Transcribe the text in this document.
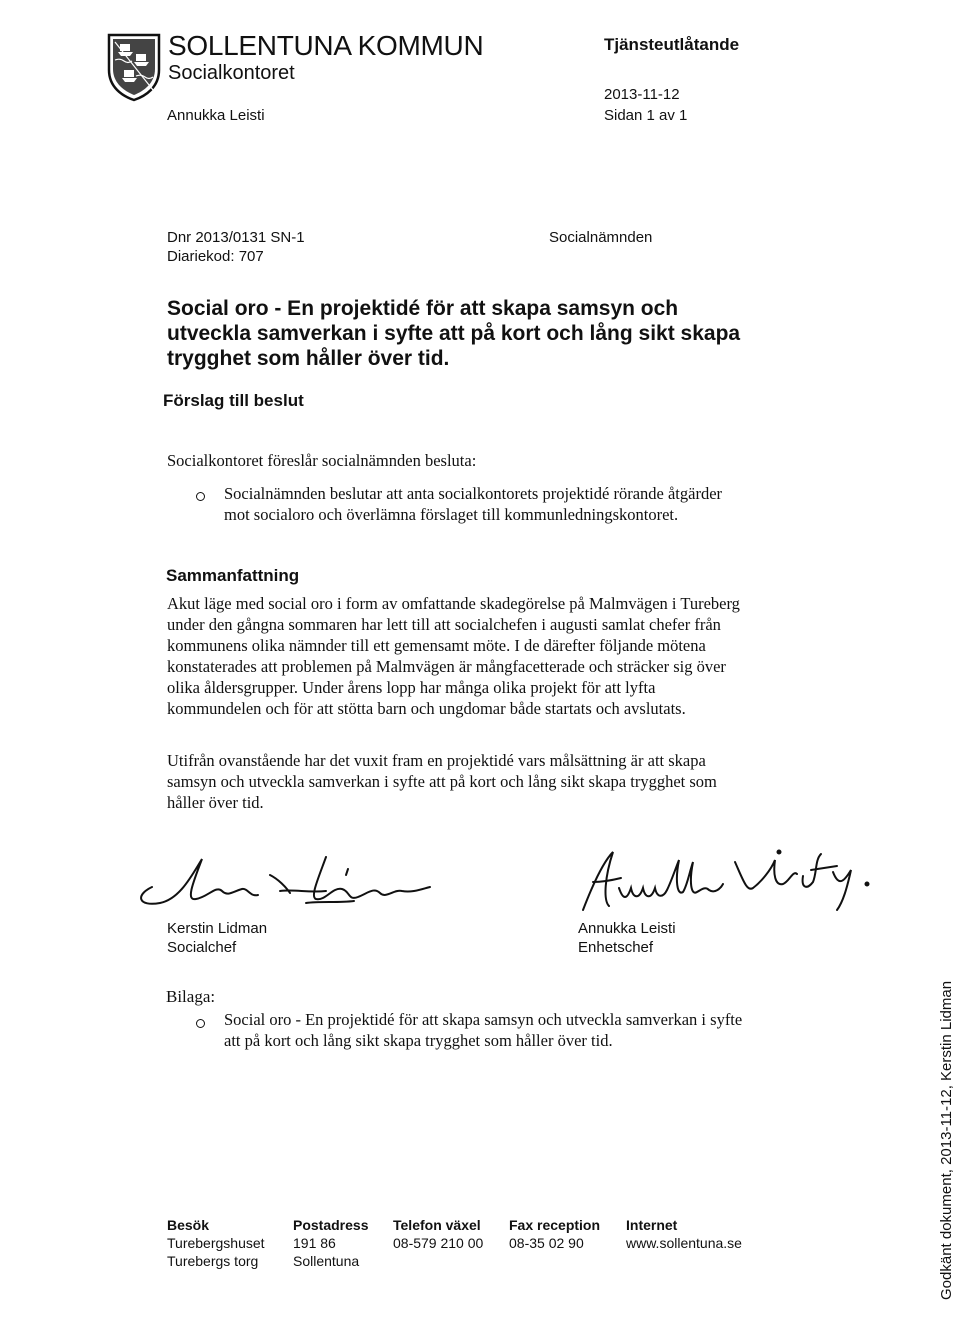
SOLLENTUNA KOMMUN
Socialkontoret
Annukka Leisti
Tjänsteutlåtande
2013-11-12
Sidan 1 av 1
Dnr 2013/0131 SN-1
Diariekod: 707
Socialnämnden
Social oro - En projektidé för att skapa samsyn och utveckla samverkan i syfte att på kort och lång sikt skapa trygghet som håller över tid.
Förslag till beslut
Socialkontoret föreslår socialnämnden besluta:
Socialnämnden beslutar att anta socialkontorets projektidé rörande åtgärder mot socialoro och överlämna förslaget till kommunledningskontoret.
Sammanfattning
Akut läge med social oro i form av omfattande skadegörelse på Malmvägen i Tureberg under den gångna sommaren har lett till att socialchefen i augusti samlat chefer från kommunens olika nämnder till ett gemensamt möte. I de därefter följande mötena konstaterades att problemen på Malmvägen är mångfacetterade och sträcker sig över olika åldersgrupper. Under årens lopp har många olika projekt för att lyfta kommundelen och för att stötta barn och ungdomar både startats och avslutats.
Utifrån ovanstående har det vuxit fram en projektidé vars målsättning är att skapa samsyn och utveckla samverkan i syfte att på kort och lång sikt skapa trygghet som håller över tid.
Kerstin Lidman
Socialchef
Annukka Leisti
Enhetschef
Bilaga:
Social oro - En projektidé för att skapa samsyn och utveckla samverkan i syfte att på kort och lång sikt skapa trygghet som håller över tid.
Besök
Turebergshuset
Turebergs torg
Postadress
191 86
Sollentuna
Telefon växel
08-579 210 00
Fax reception
08-35 02 90
Internet
www.sollentuna.se	Godkänt dokument, 2013-11-12, Kerstin Lidman
